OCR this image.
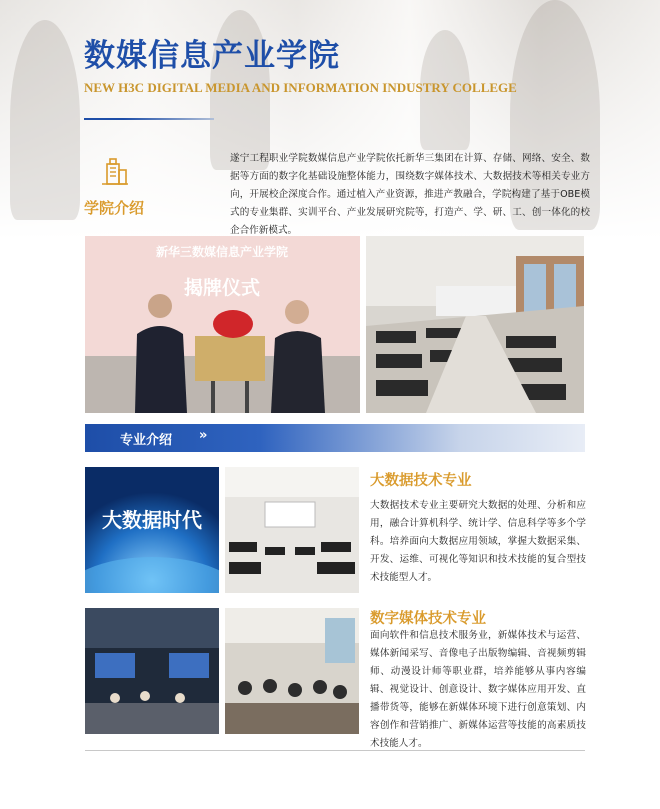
数媒信息产业学院
NEW H3C DIGITAL MEDIA AND INFORMATION INDUSTRY COLLEGE
学院介绍
遂宁工程职业学院数媒信息产业学院依托新华三集团在计算、存储、网络、安全、数据等方面的数字化基础设施整体能力，围绕数字媒体技术、大数据技术等相关专业方向，开展校企深度合作。通过植入产业资源，推进产教融合，学院构建了基于OBE模式的专业集群、实训平台、产业发展研究院等，打造产、学、研、工、创一体化的校企合作新模式。
新华三数媒信息产业学院
揭牌仪式
专业介绍 »
大数据时代
大数据技术专业
大数据技术专业主要研究大数据的处理、分析和应用，融合计算机科学、统计学、信息科学等多个学科。培养面向大数据应用领域，掌握大数据采集、开发、运维、可视化等知识和技术技能的复合型技术技能型人才。
数字媒体技术专业
面向软件和信息技术服务业，新媒体技术与运营、媒体新闻采写、音像电子出版物编辑、音视频剪辑师、动漫设计师等职业群，培养能够从事内容编辑、视觉设计、创意设计、数字媒体应用开发、直播带货等，能够在新媒体环境下进行创意策划、内容创作和营销推广、新媒体运营等技能的高素质技术技能人才。
